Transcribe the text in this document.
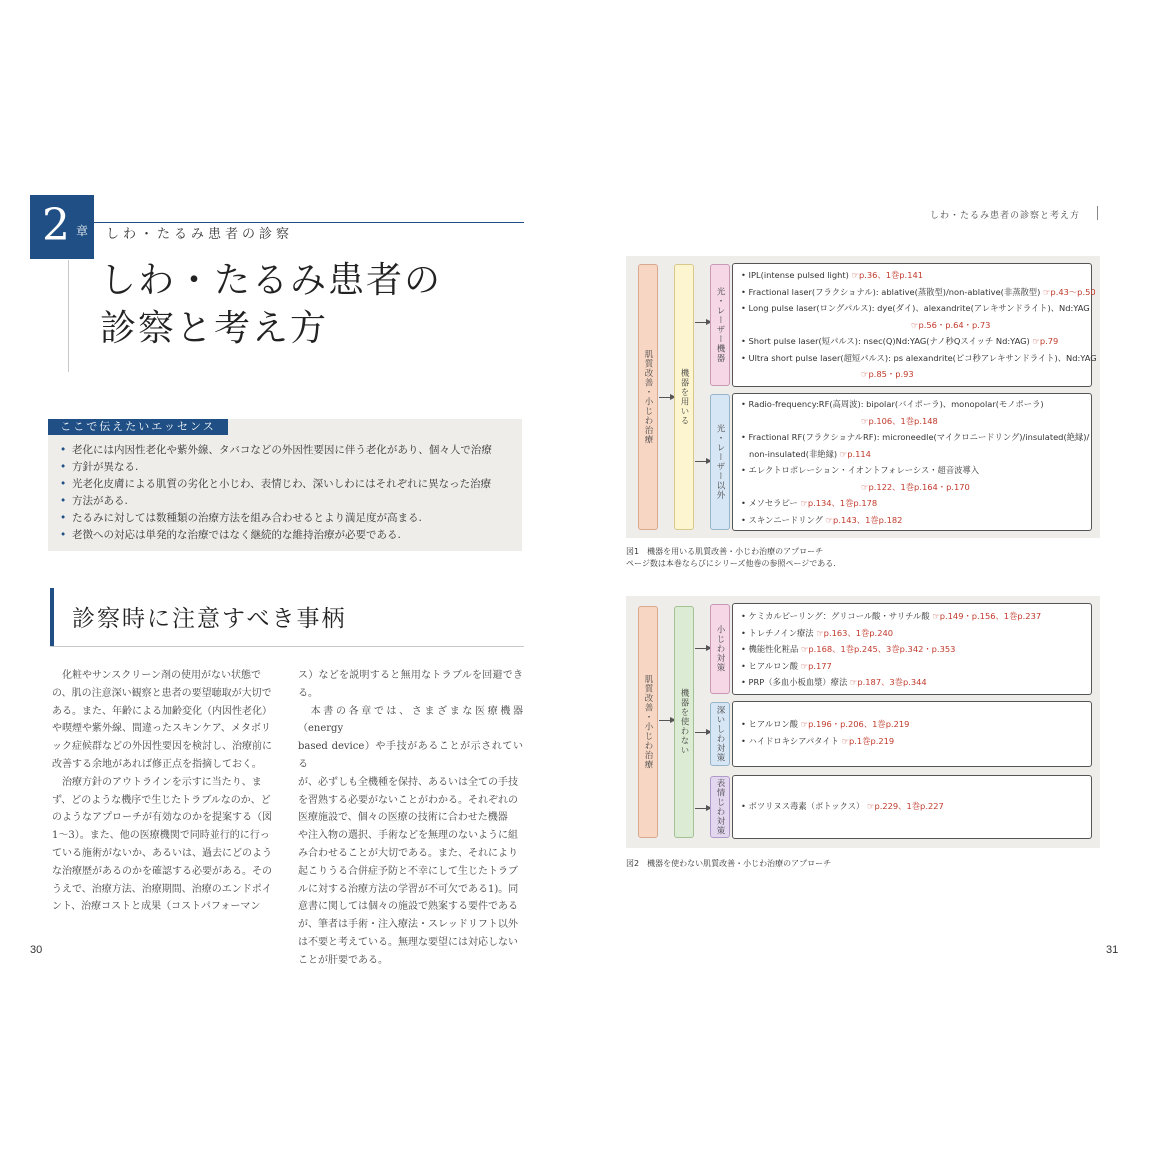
2 章 しわ・たるみ患者の診察
しわ・たるみ患者の
診察と考え方
ここで伝えたいエッセンス
• 老化には内因性老化や紫外線、タバコなどの外因性要因に伴う老化があり、個々人で治療
• 方針が異なる.
• 光老化皮膚による肌質の劣化と小じわ、表情じわ、深いしわにはそれぞれに異なった治療
• 方法がある.
• たるみに対しては数種類の治療方法を組み合わせるとより満足度が高まる.
• 老徴への対応は単発的な治療ではなく継続的な維持治療が必要である.
診察時に注意すべき事柄
　化粧やサンスクリーン剤の使用がない状態で
の、肌の注意深い観察と患者の要望聴取が大切で
ある。また、年齢による加齢変化（内因性老化）
や喫煙や紫外線、間違ったスキンケア、メタボリ
ック症候群などの外因性要因を検討し、治療前に
改善する余地があれば修正点を指摘しておく。
　治療方針のアウトラインを示すに当たり、ま
ず、どのような機序で生じたトラブルなのか、ど
のようなアプローチが有効なのかを提案する（図
1～3）。また、他の医療機関で同時並行的に行っ
ている施術がないか、あるいは、過去にどのよう
な治療歴があるのかを確認する必要がある。その
うえで、治療方法、治療期間、治療のエンドポイ
ント、治療コストと成果（コストパフォーマン
ス）などを説明すると無用なトラブルを回避できる。
　本書の各章では、さまざまな医療機器（energy
based device）や手技があることが示されている
が、必ずしも全機種を保持、あるいは全ての手技
を習熟する必要がないことがわかる。それぞれの
医療施設で、個々の医療の技術に合わせた機器
や注入物の選択、手術などを無理のないように組
み合わせることが大切である。また、それにより
起こりうる合併症予防と不幸にして生じたトラブ
ルに対する治療方法の学習が不可欠である1)。同
意書に関しては個々の施設で熟案する要件である
が、筆者は手術・注入療法・スレッドリフト以外
は不要と考えている。無理な要望には対応しない
ことが肝要である。
30
しわ・たるみ患者の診察と考え方
肌質改善・小じわ治療	機器を用いる
光・レーザー機器
• IPL(intense pulsed light) ☞p.36、1巻p.141
• Fractional laser(フラクショナル): ablative(蒸散型)/non-ablative(非蒸散型) ☞p.43～p.50
• Long pulse laser(ロングパルス): dye(ダイ)、alexandrite(アレキサンドライト)、Nd:YAG
☞p.56・p.64・p.73
• Short pulse laser(短パルス): nsec(Q)Nd:YAG(ナノ秒Qスイッチ Nd:YAG) ☞p.79
• Ultra short pulse laser(超短パルス): ps alexandrite(ピコ秒アレキサンドライト)、Nd:YAG
☞p.85・p.93
光・レーザー以外
• Radio-frequency:RF(高周波): bipolar(バイポーラ)、monopolar(モノポーラ)
☞p.106、1巻p.148
• Fractional RF(フラクショナルRF): microneedle(マイクロニードリング)/insulated(絶縁)/
non-insulated(非絶縁) ☞p.114
• エレクトロポレーション・イオントフォレーシス・超音波導入
☞p.122、1巻p.164・p.170
• メソセラピー ☞p.134、1巻p.178
• スキンニードリング ☞p.143、1巻p.182
図1　機器を用いる肌質改善・小じわ治療のアプローチ
ページ数は本巻ならびにシリーズ他巻の参照ページである.
肌質改善・小じわ治療	機器を使わない
小じわ対策
• ケミカルピーリング：グリコール酸・サリチル酸 ☞p.149・p.156、1巻p.237
• トレチノイン療法 ☞p.163、1巻p.240
• 機能性化粧品 ☞p.168、1巻p.245、3巻p.342・p.353
• ヒアルロン酸 ☞p.177
• PRP（多血小板血漿）療法 ☞p.187、3巻p.344
深いしわ対策 • ヒアルロン酸 ☞p.196・p.206、1巻p.219
• ハイドロキシアパタイト ☞p.1巻p.219
表情じわ対策 • ボツリヌス毒素（ボトックス） ☞p.229、1巻p.227
図2　機器を使わない肌質改善・小じわ治療のアプローチ
31
